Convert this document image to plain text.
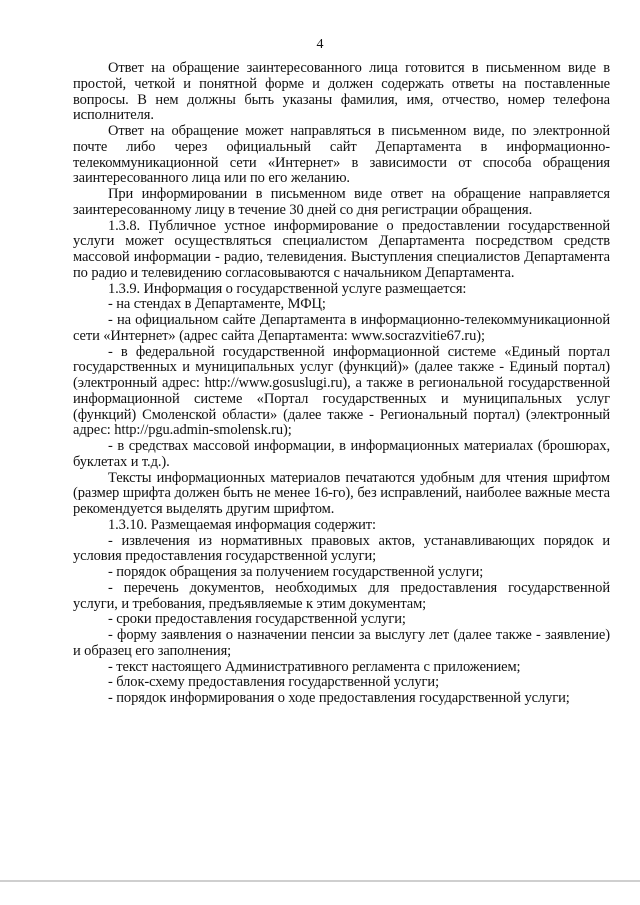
4

Ответ на обращение заинтересованного лица готовится в письменном виде в простой, четкой и понятной форме и должен содержать ответы на поставленные вопросы. В нем должны быть указаны фамилия, имя, отчество, номер телефона исполнителя.

Ответ на обращение может направляться в письменном виде, по электронной почте либо через официальный сайт Департамента в информационно-телекоммуникационной сети «Интернет» в зависимости от способа обращения заинтересованного лица или по его желанию.

При информировании в письменном виде ответ на обращение направляется заинтересованному лицу в течение 30 дней со дня регистрации обращения.

1.3.8. Публичное устное информирование о предоставлении государственной услуги может осуществляться специалистом Департамента посредством средств массовой информации - радио, телевидения. Выступления специалистов Департамента по радио и телевидению согласовываются с начальником Департамента.

1.3.9. Информация о государственной услуге размещается:

- на стендах в Департаменте, МФЦ;

- на официальном сайте Департамента в информационно-телекоммуникационной сети «Интернет» (адрес сайта Департамента: www.socrazvitie67.ru);

- в федеральной государственной информационной системе «Единый портал государственных и муниципальных услуг (функций)» (далее также - Единый портал) (электронный адрес: http://www.gosuslugi.ru), а также в региональной государственной информационной системе «Портал государственных и муниципальных услуг (функций) Смоленской области» (далее также - Региональный портал) (электронный адрес: http://pgu.admin-smolensk.ru);

- в средствах массовой информации, в информационных материалах (брошюрах, буклетах и т.д.).

Тексты информационных материалов печатаются удобным для чтения шрифтом (размер шрифта должен быть не менее 16-го), без исправлений, наиболее важные места рекомендуется выделять другим шрифтом.

1.3.10. Размещаемая информация содержит:

- извлечения из нормативных правовых актов, устанавливающих порядок и условия предоставления государственной услуги;

- порядок обращения за получением государственной услуги;

- перечень документов, необходимых для предоставления государственной услуги, и требования, предъявляемые к этим документам;

- сроки предоставления государственной услуги;

- форму заявления о назначении пенсии за выслугу лет (далее также - заявление) и образец его заполнения;

- текст настоящего Административного регламента с приложением;

- блок-схему предоставления государственной услуги;

- порядок информирования о ходе предоставления государственной услуги;
